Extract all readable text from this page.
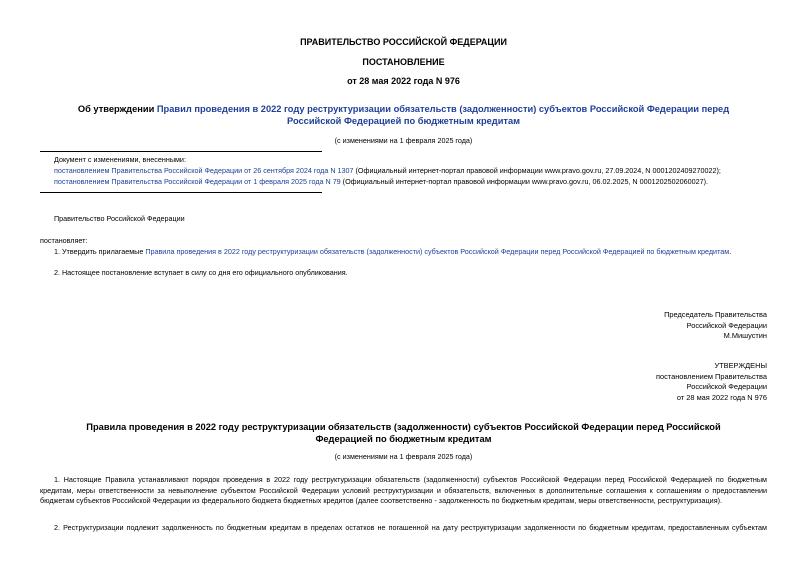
ПРАВИТЕЛЬСТВО РОССИЙСКОЙ ФЕДЕРАЦИИ
ПОСТАНОВЛЕНИЕ
от 28 мая 2022 года N 976
Об утверждении Правил проведения в 2022 году реструктуризации обязательств (задолженности) субъектов Российской Федерации перед Российской Федерацией по бюджетным кредитам
(с изменениями на 1 февраля 2025 года)
Документ с изменениями, внесенными:
постановлением Правительства Российской Федерации от 26 сентября 2024 года N 1307 (Официальный интернет-портал правовой информации www.pravo.gov.ru, 27.09.2024, N 0001202409270022);
постановлением Правительства Российской Федерации от 1 февраля 2025 года N 79 (Официальный интернет-портал правовой информации www.pravo.gov.ru, 06.02.2025, N 0001202502060027).
Правительство Российской Федерации
постановляет:
1. Утвердить прилагаемые Правила проведения в 2022 году реструктуризации обязательств (задолженности) субъектов Российской Федерации перед Российской Федерацией по бюджетным кредитам.
2. Настоящее постановление вступает в силу со дня его официального опубликования.
Председатель Правительства
Российской Федерации
М.Мишустин
УТВЕРЖДЕНЫ
постановлением Правительства
Российской Федерации
от 28 мая 2022 года N 976
Правила проведения в 2022 году реструктуризации обязательств (задолженности) субъектов Российской Федерации перед Российской Федерацией по бюджетным кредитам
(с изменениями на 1 февраля 2025 года)
1. Настоящие Правила устанавливают порядок проведения в 2022 году реструктуризации обязательств (задолженности) субъектов Российской Федерации перед Российской Федерацией по бюджетным кредитам, меры ответственности за невыполнение субъектом Российской Федерации условий реструктуризации и обязательств, включенных в дополнительные соглашения к соглашениям о предоставлении бюджетам субъектов Российской Федерации из федерального бюджета бюджетных кредитов (далее соответственно - задолженность по бюджетным кредитам, меры ответственности, реструктуризация).
2. Реструктуризации подлежит задолженность по бюджетным кредитам в пределах остатков не погашенной на дату реструктуризации задолженности по бюджетным кредитам, предоставленным субъектам
